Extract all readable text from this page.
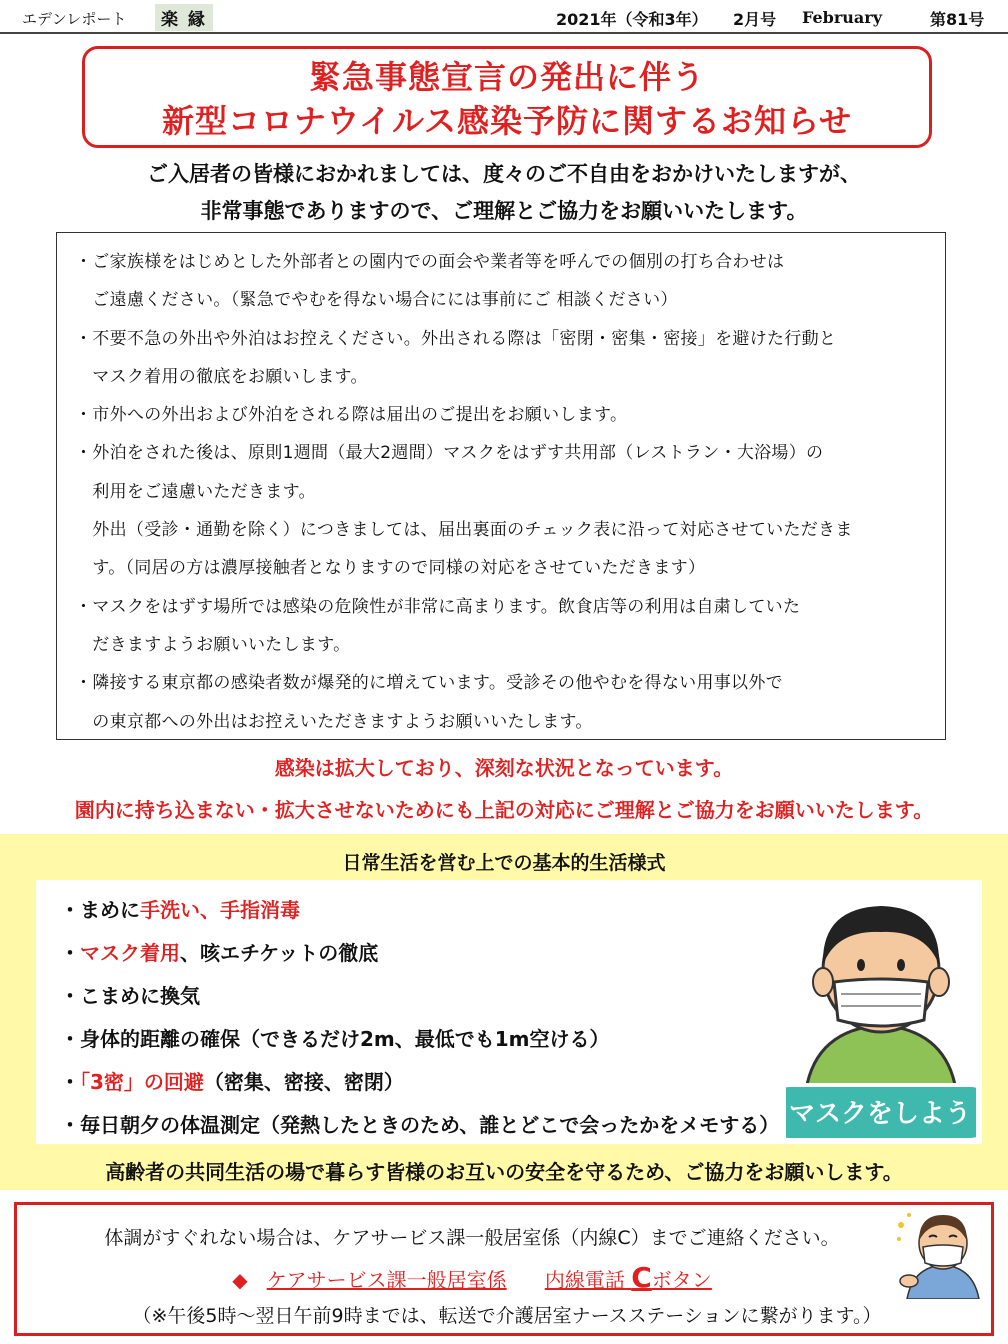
エデンレポート	楽 縁	2021年（令和3年） 2月号 February	第81号
緊急事態宣言の発出に伴う
新型コロナウイルス感染予防に関するお知らせ
ご入居者の皆様におかれましては、度々のご不自由をおかけいたしますが、
非常事態でありますので、ご理解とご協力をお願いいたします。

・ご家族様をはじめとした外部者との園内での面会や業者等を呼んでの個別の打ち合わせは

　ご遠慮ください。（緊急でやむを得ない場合にには事前にご 相談ください）

・不要不急の外出や外泊はお控えください。外出される際は「密閉・密集・密接」を避けた行動と

　マスク着用の徹底をお願いします。

・市外への外出および外泊をされる際は届出のご提出をお願いします。

・外泊をされた後は、原則1週間（最大2週間）マスクをはずす共用部（レストラン・大浴場）の

　利用をご遠慮いただきます。

　外出（受診・通勤を除く）につきましては、届出裏面のチェック表に沿って対応させていただきま

　す。（同居の方は濃厚接触者となりますので同様の対応をさせていただきます）

・マスクをはずす場所では感染の危険性が非常に高まります。飲食店等の利用は自粛していた

　だきますようお願いいたします。

・隣接する東京都の感染者数が爆発的に増えています。受診その他やむを得ない用事以外で

　の東京都への外出はお控えいただきますようお願いいたします。

感染は拡大しており、深刻な状況となっています。
園内に持ち込まない・拡大させないためにも上記の対応にご理解とご協力をお願いいたします。
日常生活を営む上での基本的生活様式
・まめに手洗い、手指消毒
・マスク着用、咳エチケットの徹底
・こまめに換気
・身体的距離の確保（できるだけ2m、最低でも1m空ける）
・「3密」の回避（密集、密接、密閉）
・毎日朝夕の体温測定（発熱したときのため、誰とどこで会ったかをメモする） マスクをしよう
高齢者の共同生活の場で暮らす皆様のお互いの安全を守るため、ご協力をお願いします。
体調がすぐれない場合は、ケアサービス課一般居室係（内線C）までご連絡ください。
◆ ケアサービス課一般居室係 内線電話 Cボタン
（※午後5時～翌日午前9時までは、転送で介護居室ナースステーションに繋がります。）
